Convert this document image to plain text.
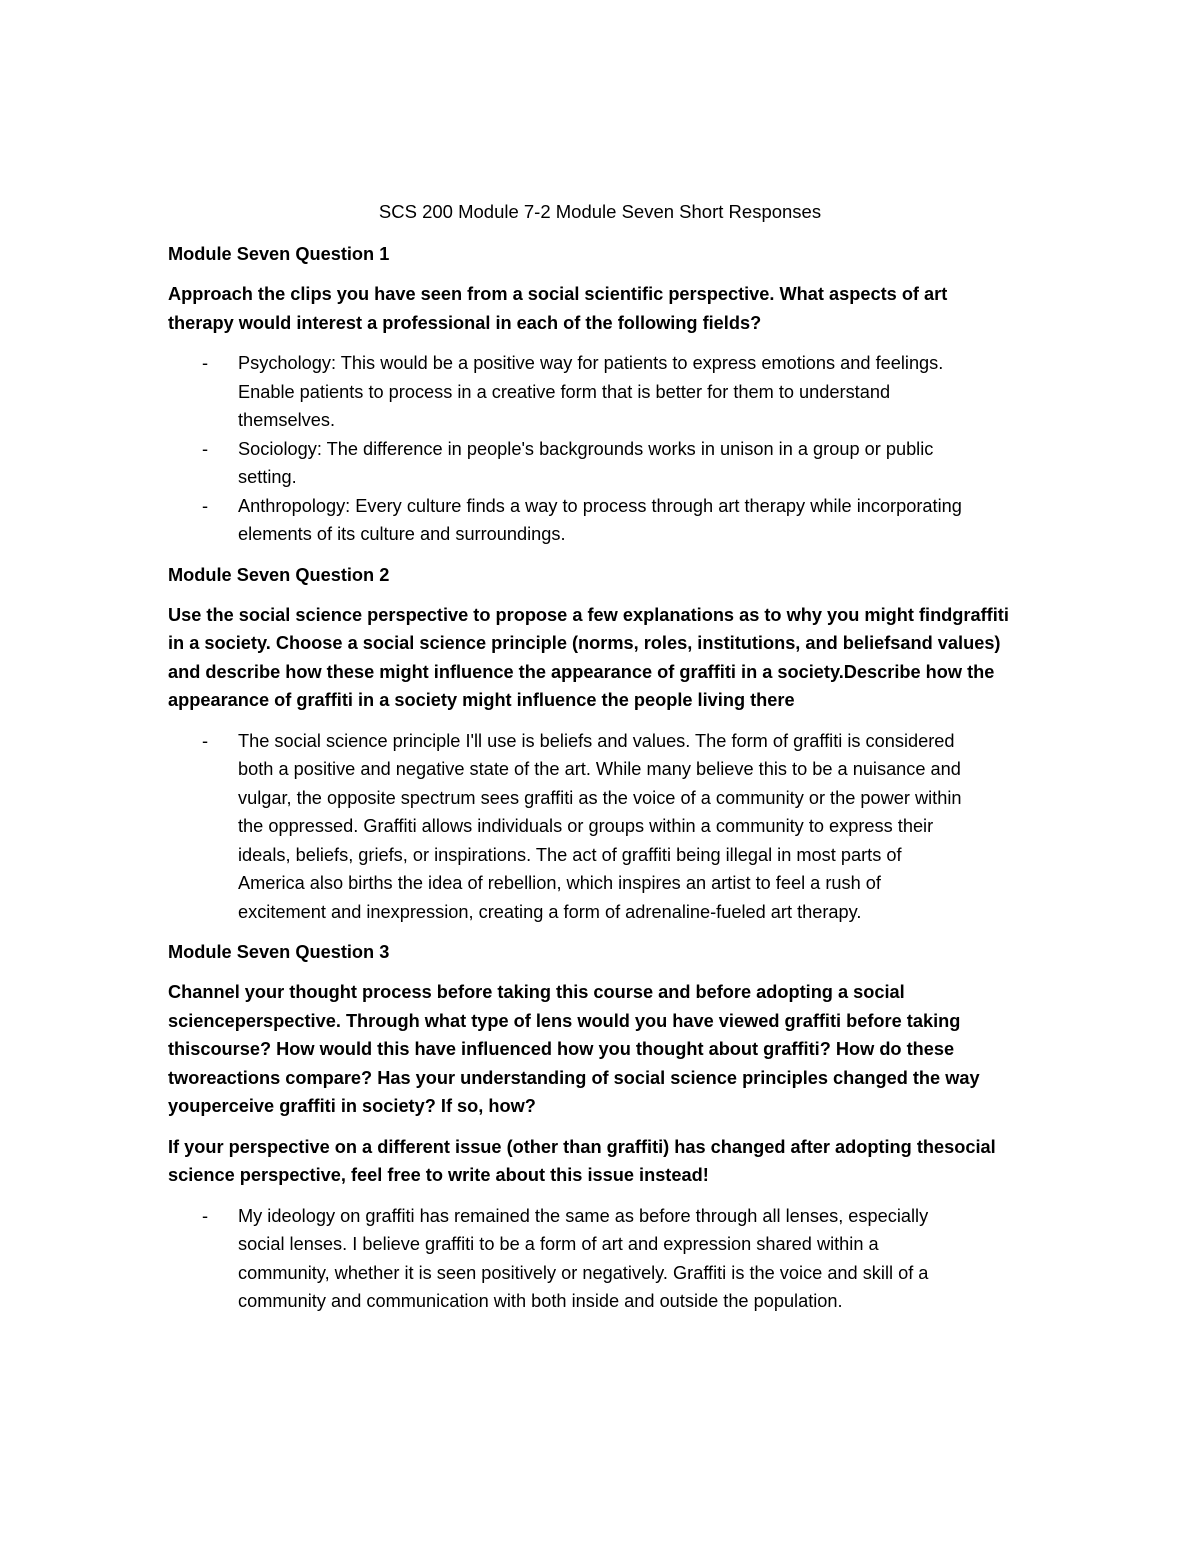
SCS 200 Module 7-2 Module Seven Short Responses
Module Seven Question 1
Approach the clips you have seen from a social scientific perspective. What aspects of art
therapy would interest a professional in each of the following fields?
- Psychology: This would be a positive way for patients to express emotions and feelings.
Enable patients to process in a creative form that is better for them to understand
themselves.
- Sociology: The difference in people's backgrounds works in unison in a group or public
setting.
- Anthropology: Every culture finds a way to process through art therapy while incorporating
elements of its culture and surroundings.
Module Seven Question 2
Use the social science perspective to propose a few explanations as to why you might findgraffiti
in a society. Choose a social science principle (norms, roles, institutions, and beliefsand values)
and describe how these might influence the appearance of graffiti in a society.Describe how the
appearance of graffiti in a society might influence the people living there
- The social science principle I'll use is beliefs and values. The form of graffiti is considered
both a positive and negative state of the art. While many believe this to be a nuisance and
vulgar, the opposite spectrum sees graffiti as the voice of a community or the power within
the oppressed. Graffiti allows individuals or groups within a community to express their
ideals, beliefs, griefs, or inspirations. The act of graffiti being illegal in most parts of
America also births the idea of rebellion, which inspires an artist to feel a rush of
excitement and inexpression, creating a form of adrenaline-fueled art therapy.
Module Seven Question 3
Channel your thought process before taking this course and before adopting a social
scienceperspective. Through what type of lens would you have viewed graffiti before taking
thiscourse? How would this have influenced how you thought about graffiti? How do these
tworeactions compare? Has your understanding of social science principles changed the way
youperceive graffiti in society? If so, how?
If your perspective on a different issue (other than graffiti) has changed after adopting thesocial
science perspective, feel free to write about this issue instead!
- My ideology on graffiti has remained the same as before through all lenses, especially
social lenses. I believe graffiti to be a form of art and expression shared within a
community, whether it is seen positively or negatively. Graffiti is the voice and skill of a
community and communication with both inside and outside the population.
